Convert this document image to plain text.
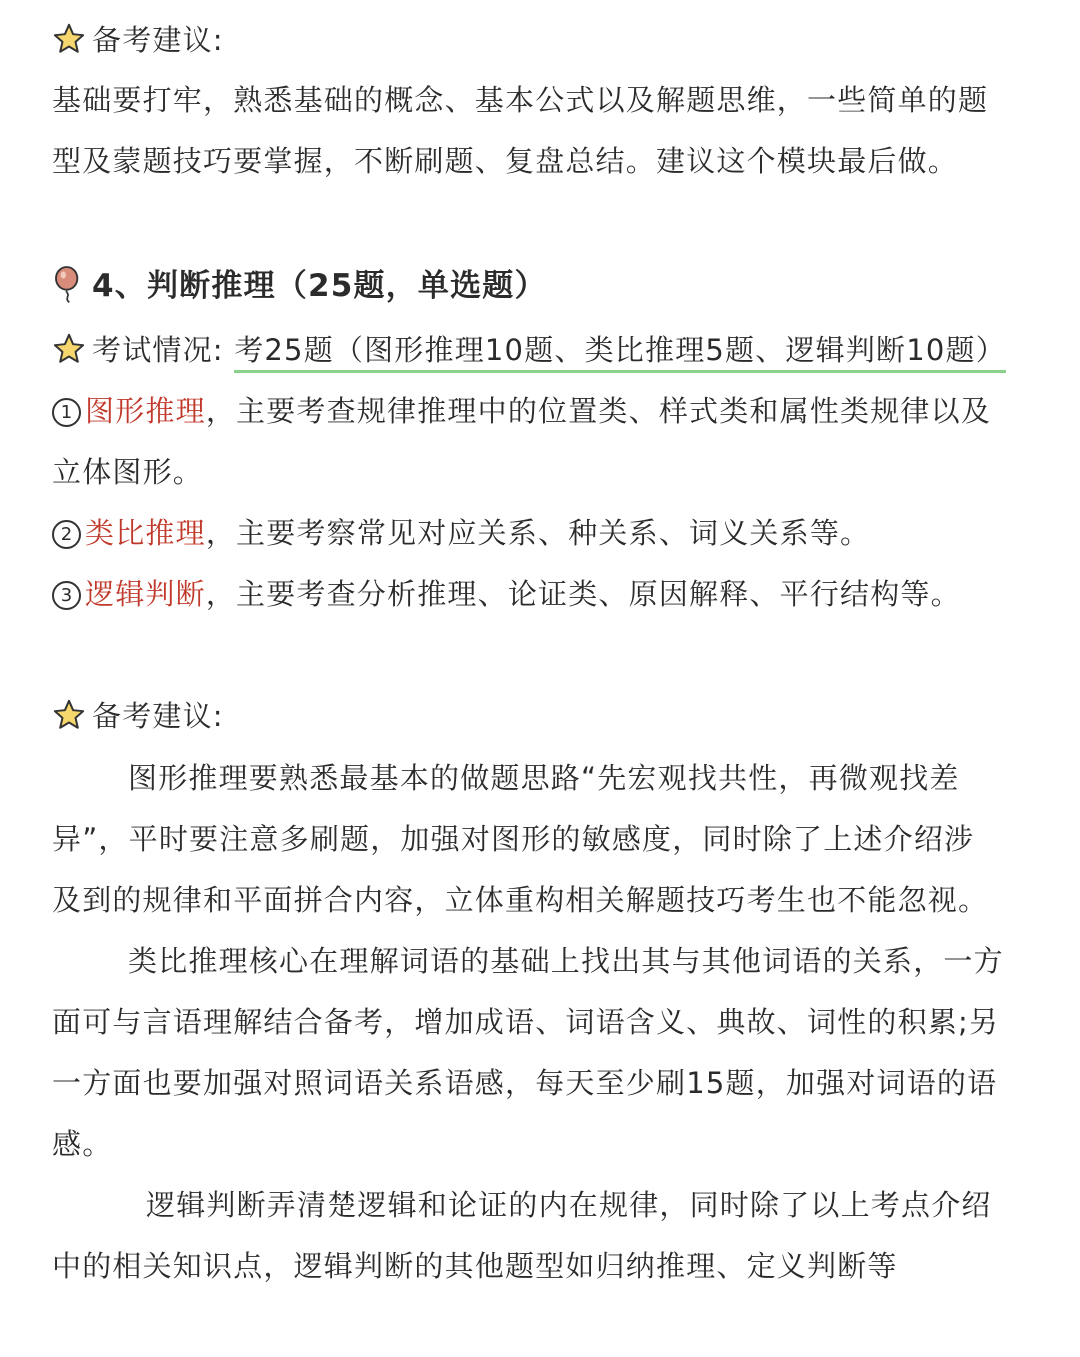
备考建议:
基础要打牢，熟悉基础的概念、基本公式以及解题思维，一些简单的题
型及蒙题技巧要掌握，不断刷题、复盘总结。建议这个模块最后做。
4、判断推理（25题，单选题）
考试情况: 考25题（图形推理10题、类比推理5题、逻辑判断10题）
1 图形推理，主要考查规律推理中的位置类、样式类和属性类规律以及
立体图形。
2 类比推理，主要考察常见对应关系、种关系、词义关系等。
3 逻辑判断，主要考查分析推理、论证类、原因解释、平行结构等。
备考建议:
图形推理要熟悉最基本的做题思路“先宏观找共性，再微观找差
异”，平时要注意多刷题，加强对图形的敏感度，同时除了上述介绍涉
及到的规律和平面拼合内容，立体重构相关解题技巧考生也不能忽视。
类比推理核心在理解词语的基础上找出其与其他词语的关系，一方
面可与言语理解结合备考，增加成语、词语含义、典故、词性的积累;另
一方面也要加强对照词语关系语感，每天至少刷15题，加强对词语的语
感。
逻辑判断弄清楚逻辑和论证的内在规律，同时除了以上考点介绍
中的相关知识点，逻辑判断的其他题型如归纳推理、定义判断等
